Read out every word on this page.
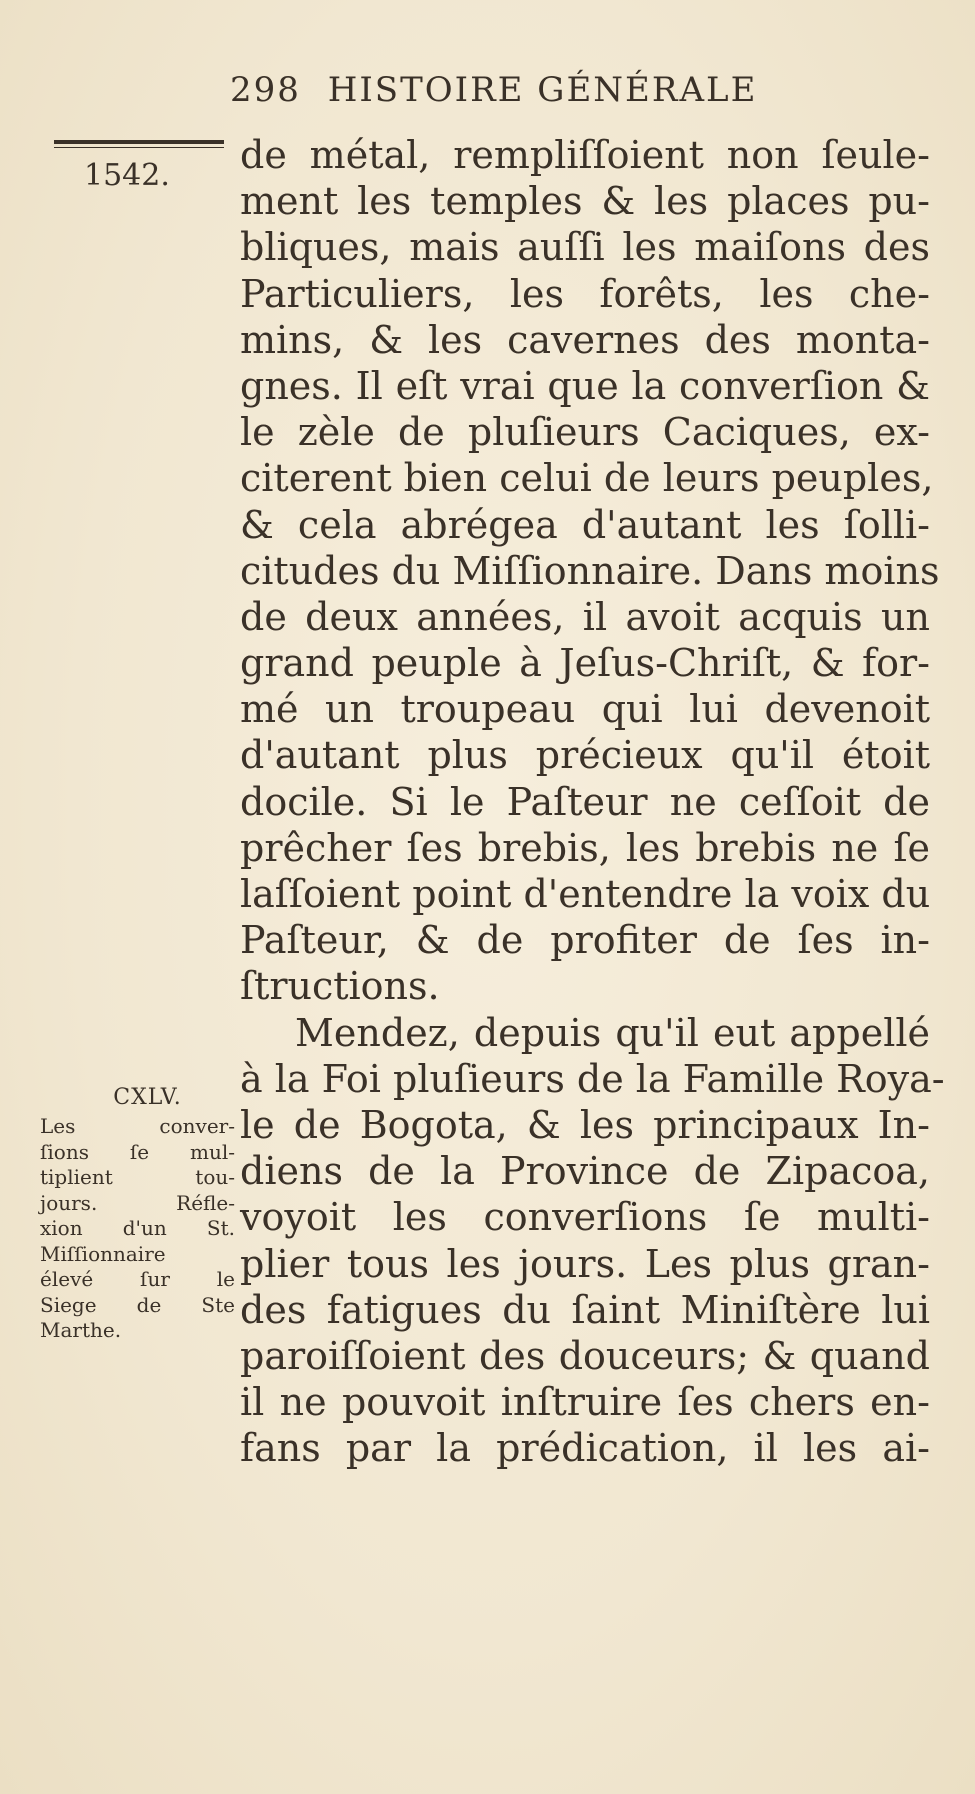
298 HISTOIRE GÉNÉRALE
1542. de métal, rempliſſoient non ſeule-
ment les temples & les places pu-
bliques, mais auſſi les maiſons des
Particuliers, les forêts, les che-
mins, & les cavernes des monta-
gnes. Il eſt vrai que la converſion &
le zèle de pluſieurs Caciques, ex-
citerent bien celui de leurs peuples,
& cela abrégea d'autant les ſolli-
citudes du Miſſionnaire. Dans moins
de deux années, il avoit acquis un
grand peuple à Jeſus-Chriſt, & for-
mé un troupeau qui lui devenoit
d'autant plus précieux qu'il étoit
docile. Si le Paſteur ne ceſſoit de
prêcher ſes brebis, les brebis ne ſe
laſſoient point d'entendre la voix du
Paſteur, & de profiter de ſes in-
ſtructions.
Mendez, depuis qu'il eut appellé
à la Foi pluſieurs de la Famille Roya-
le de Bogota, & les principaux In-
diens de la Province de Zipacoa,
voyoit les converſions ſe multi-
plier tous les jours. Les plus gran-
des fatigues du ſaint Miniſtère lui
paroiſſoient des douceurs; & quand
il ne pouvoit inſtruire ſes chers en-
fans par la prédication, il les ai-
CXLV.
Les conver-
ſions ſe mul-
tiplient tou-
jours. Réfle-
xion d'un St.
Miſſionnaire
élevé ſur le
Siege de Ste
Marthe.
